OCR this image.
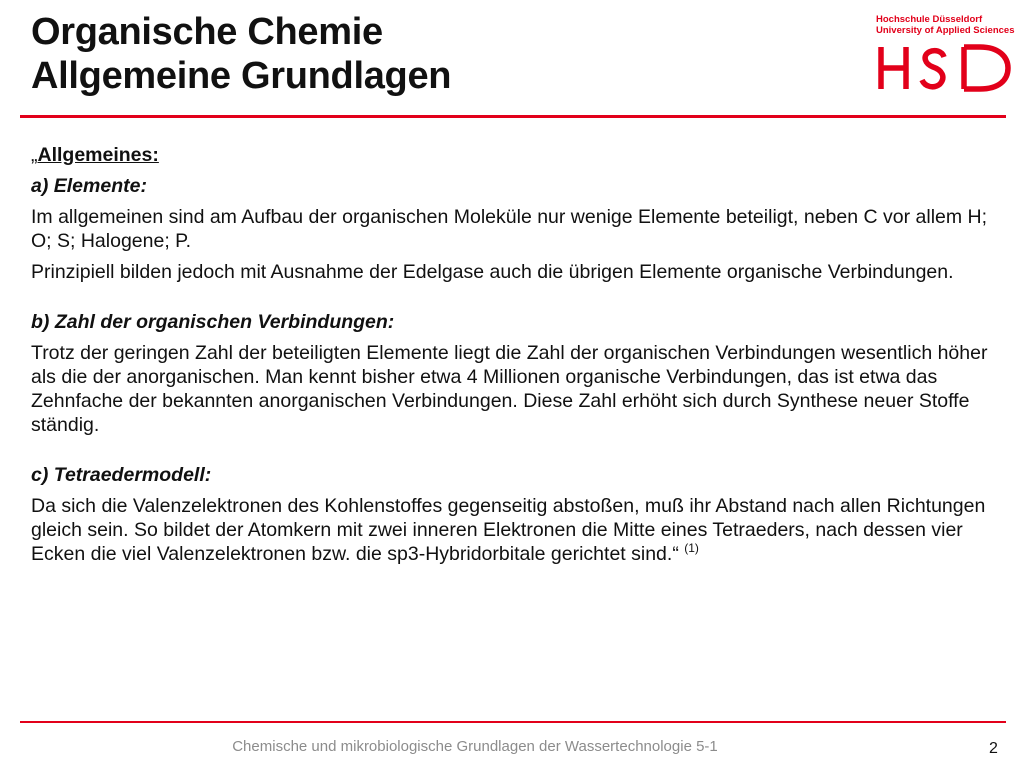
Organische Chemie
Allgemeine Grundlagen
Hochschule Düsseldorf
University of Applied Sciences

„Allgemeines:

a) Elemente:

Im allgemeinen sind am Aufbau der organischen Moleküle nur wenige Elemente beteiligt, neben C vor allem H; O; S; Halogene; P.

Prinzipiell bilden jedoch mit Ausnahme der Edelgase auch die übrigen Elemente organische Verbindungen.

b) Zahl der organischen Verbindungen:

Trotz der geringen Zahl der beteiligten Elemente liegt die Zahl der organischen Verbindungen wesentlich höher als die der anorganischen. Man kennt bisher etwa 4 Millionen organische Verbindungen, das ist etwa das Zehnfache der bekannten anorganischen Verbindungen. Diese Zahl erhöht sich durch Synthese neuer Stoffe ständig.

c) Tetraedermodell:

Da sich die Valenzelektronen des Kohlenstoffes gegenseitig abstoßen, muß ihr Abstand nach allen Richtungen gleich sein. So bildet der Atomkern mit zwei inneren Elektronen die Mitte eines Tetraeders, nach dessen vier Ecken die viel Valenzelektronen bzw. die sp3-Hybridorbitale gerichtet sind.“ $^{(1)}$

Chemische und mikrobiologische Grundlagen der Wassertechnologie 5-1	2
